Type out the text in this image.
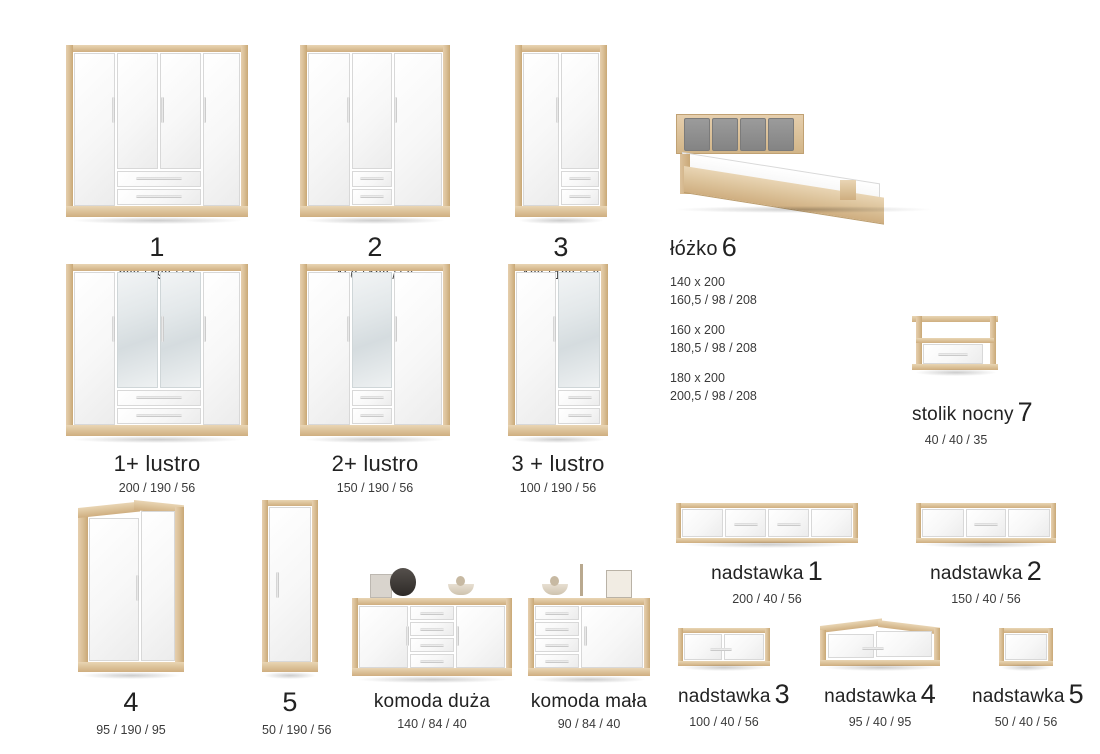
1	2	3
1+ lustro
200 / 190 / 56
2+ lustro
150 / 190 / 56
3 + lustro
100 / 190 / 56
4
95 / 190 / 95
5
50 / 190 / 56
komoda duża
140 / 84 / 40
komoda mała
90 / 84 / 40
łóżko 6
140 x 200
160,5 / 98 / 208
160 x 200
180,5 / 98 / 208
180 x 200
200,5 / 98 / 208
stolik nocny 7
40 / 40 / 35
nadstawka 1
200 / 40 / 56
nadstawka 2
150 / 40 / 56
nadstawka 3
100 / 40 / 56
nadstawka 4
95 / 40 / 95
nadstawka 5
50 / 40 / 56
